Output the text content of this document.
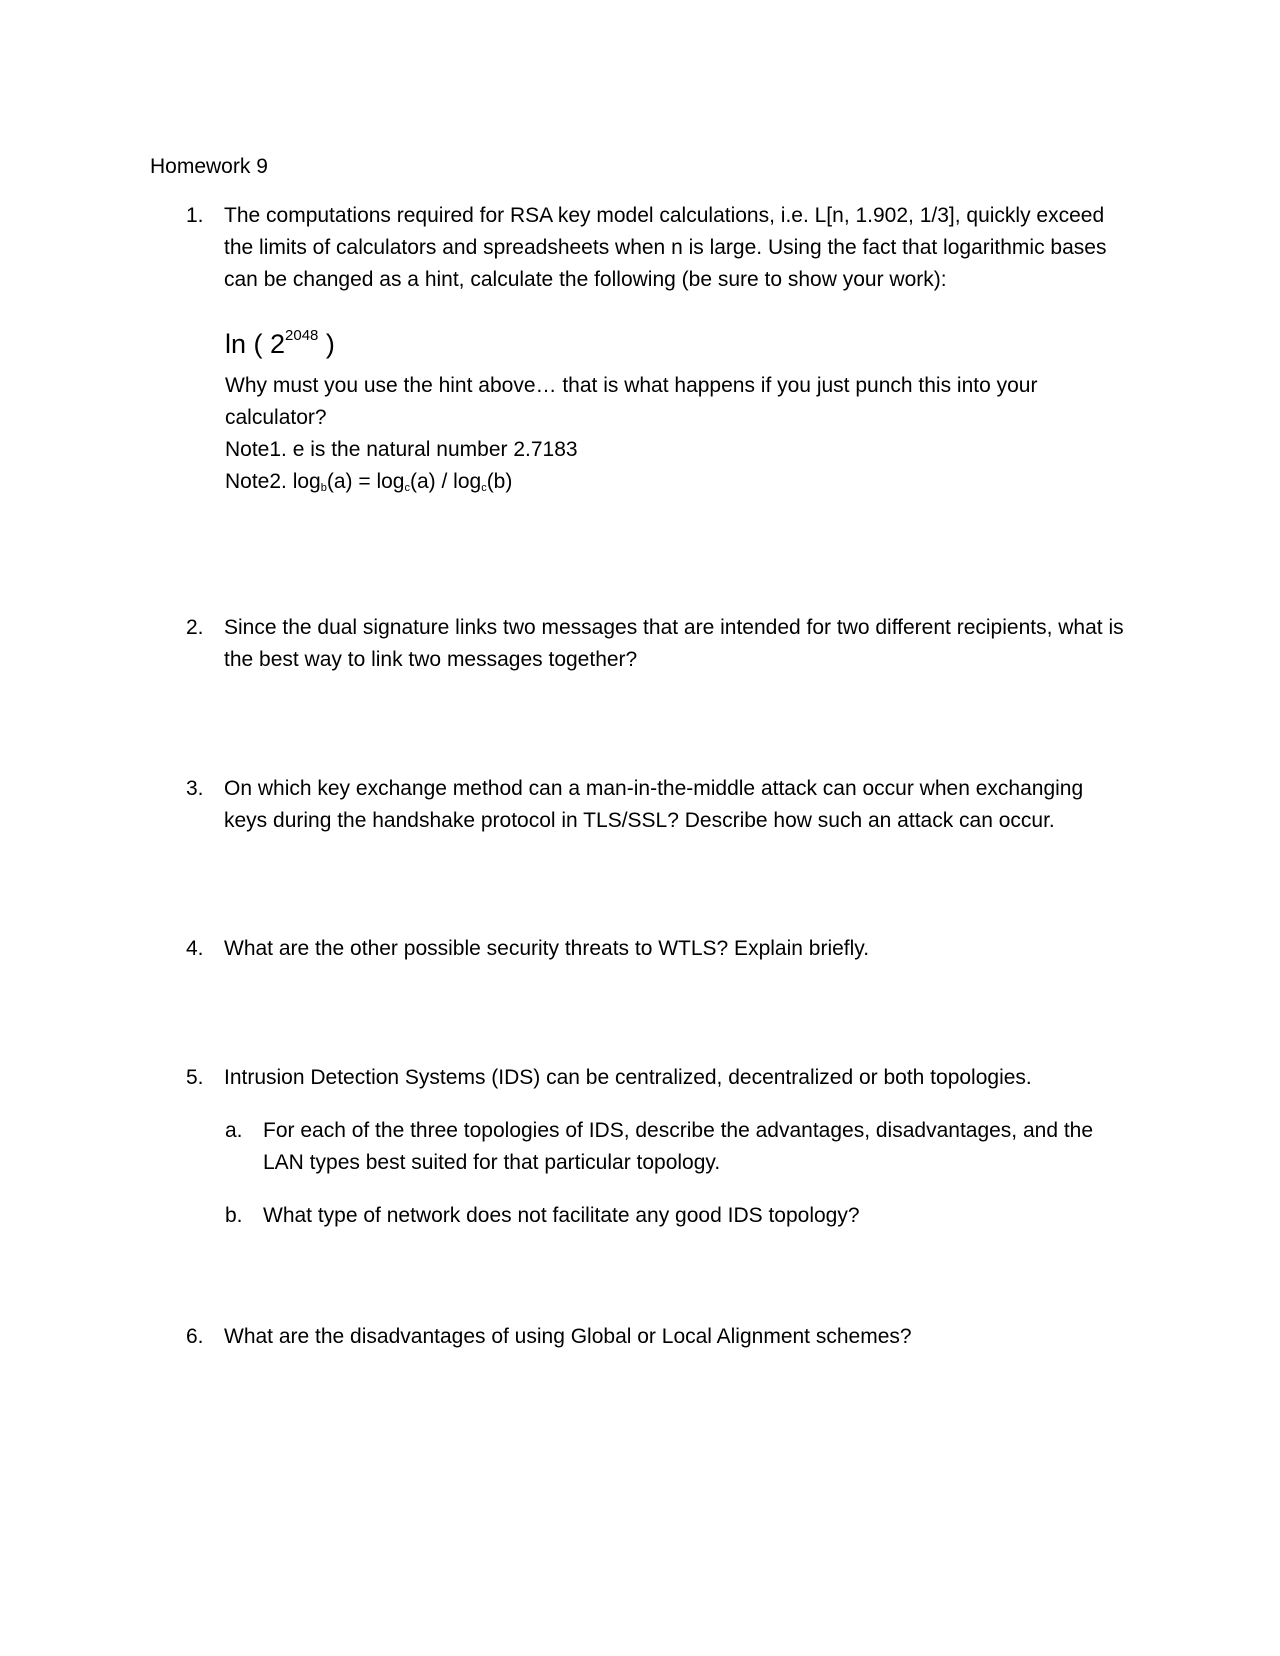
Homework 9
1. The computations required for RSA key model calculations, i.e. L[n, 1.902, 1/3], quickly exceed the limits of calculators and spreadsheets when n is large. Using the fact that logarithmic bases can be changed as a hint, calculate the following (be sure to show your work):
ln ( $2^{2048}$ )
Why must you use the hint above… that is what happens if you just punch this into your calculator?
Note1. e is the natural number 2.7183
Note2. $\log_b(a) = \log_c(a) / \log_c(b)$
2. Since the dual signature links two messages that are intended for two different recipients, what is the best way to link two messages together?
3. On which key exchange method can a man-in-the-middle attack can occur when exchanging keys during the handshake protocol in TLS/SSL? Describe how such an attack can occur.
4. What are the other possible security threats to WTLS? Explain briefly.
5. Intrusion Detection Systems (IDS) can be centralized, decentralized or both topologies.
a. For each of the three topologies of IDS, describe the advantages, disadvantages, and the LAN types best suited for that particular topology.
b. What type of network does not facilitate any good IDS topology?
6. What are the disadvantages of using Global or Local Alignment schemes?
